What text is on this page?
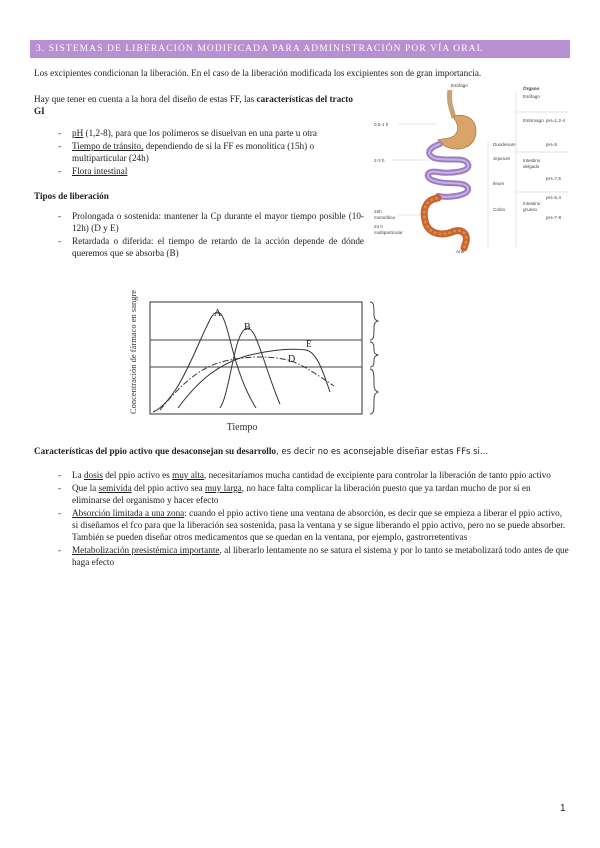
3. SISTEMAS DE LIBERACIÓN MODIFICADA PARA ADMINISTRACIÓN POR VÍA ORAL
Los excipientes condicionan la liberación. En el caso de la liberación modificada los excipientes son de gran importancia.
Hay que tener en cuenta a la hora del diseño de estas FF, las características del tracto GI
- pH (1,2-8), para que los polímeros se disuelvan en una parte u otra
- Tiempo de tránsito, dependiendo de si la FF es monolítica (15h) o multiparticular (24h)
- Flora intestinal
Tipos de liberación
- Prolongada o sostenida: mantener la Cp durante el mayor tiempo posible (10-12h) (D y E)
- Retardada o diferida: el tiempo de retardo de la acción depende de dónde queremos que se absorba (B)
0,5-1 h
2-3 h
15h
monolítica
24 h
multiparticular
Esófago
Órgano
Esófago
Estómago
Duodenum
Jejunum	Intestino
delgado
Ileum
Colon
Intestino
grueso
pH=1,2-4
pH=5
pH=7,5
pH=6,4
pH=7-8
Ano
Concentración de fármaco en sangre
Tiempo
A
B
E
D
Características del ppio activo que desaconsejan su desarrollo, es decir no es aconsejable diseñar estas FFs si…
- La dosis del ppio activo es muy alta, necesitaríamos mucha cantidad de excipiente para controlar la liberación de tanto ppio activo
- Que la semivida del ppio activo sea muy larga, no hace falta complicar la liberación puesto que ya tardan mucho de por sí en eliminarse del organismo y hacer efecto
- Absorción limitada a una zona: cuando el ppio activo tiene una ventana de absorción, es decir que se empieza a liberar el ppio activo, si diseñamos el fco para que la liberación sea sostenida, pasa la ventana y se sigue liberando el ppio activo, pero no se puede absorber. También se pueden diseñar otros medicamentos que se quedan en la ventana, por ejemplo, gastrorretentivas
- Metabolización presistémica importante, al liberarlo lentamente no se satura el sistema y por lo tanto se metabolizará todo antes de que haga efecto
1
